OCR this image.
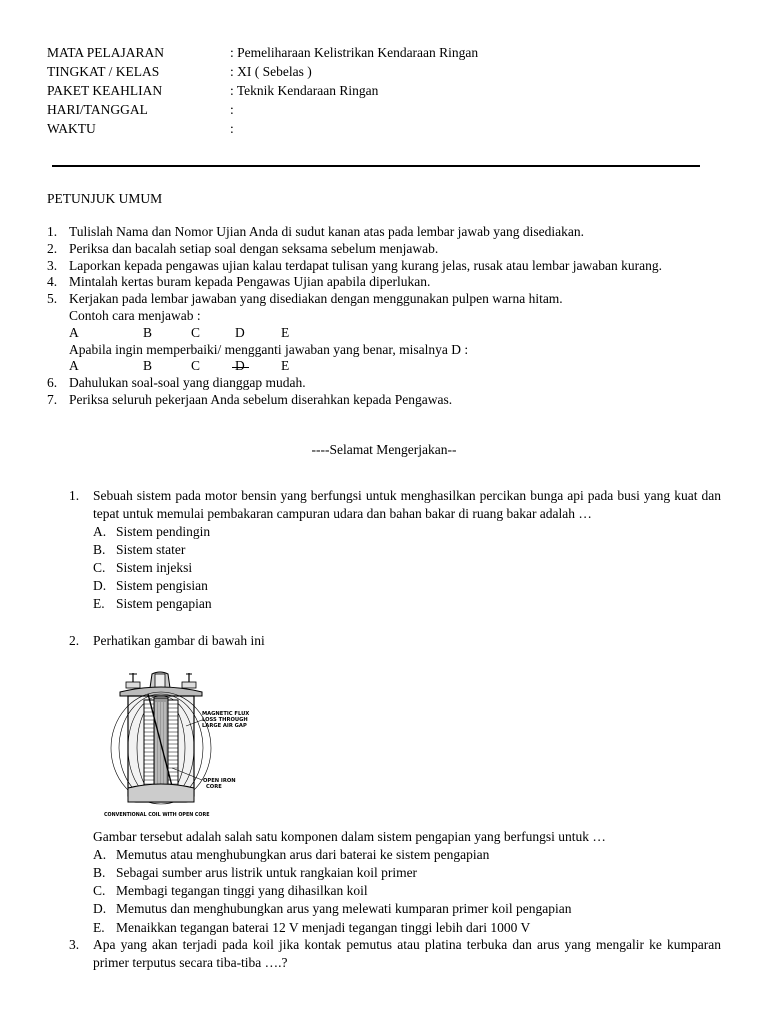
MATA PELAJARAN	: Pemeliharaan Kelistrikan Kendaraan Ringan
TINGKAT / KELAS	: XI ( Sebelas )
PAKET KEAHLIAN	: Teknik Kendaraan Ringan
HARI/TANGGAL	:
WAKTU	:
PETUNJUK UMUM
1. Tulislah Nama dan Nomor Ujian Anda di sudut kanan atas pada lembar jawab yang disediakan.
2. Periksa dan bacalah setiap soal dengan seksama sebelum menjawab.
3. Laporkan kepada pengawas ujian kalau terdapat tulisan yang kurang jelas, rusak atau lembar jawaban kurang.
4. Mintalah kertas buram kepada Pengawas Ujian apabila diperlukan.
5. Kerjakan pada lembar jawaban yang disediakan dengan menggunakan pulpen warna hitam.
Contoh cara menjawab :
A	B	C	D	E
Apabila ingin memperbaiki/ mengganti jawaban yang benar, misalnya D :
A	B	C	D	E
6. Dahulukan soal-soal yang dianggap mudah.
7. Periksa seluruh pekerjaan Anda sebelum diserahkan kepada Pengawas.
----Selamat Mengerjakan--
1. Sebuah sistem pada motor bensin yang berfungsi untuk menghasilkan percikan bunga api pada busi yang kuat dan tepat untuk memulai pembakaran campuran udara dan bahan bakar di ruang bakar adalah …
A. Sistem pendingin
B. Sistem stater
C. Sistem injeksi
D. Sistem pengisian
E. Sistem pengapian
2. Perhatikan gambar di bawah ini
MAGNETIC FLUX
LOSS THROUGH
LARGE AIR GAP
OPEN IRON
CORE
CONVENTIONAL COIL WITH OPEN CORE
Gambar tersebut adalah salah satu komponen dalam sistem pengapian yang berfungsi untuk …
A. Memutus atau menghubungkan arus dari baterai ke sistem pengapian
B. Sebagai sumber arus listrik untuk rangkaian koil primer
C. Membagi tegangan tinggi yang dihasilkan koil
D. Memutus dan menghubungkan arus yang melewati kumparan primer koil pengapian
E. Menaikkan tegangan baterai 12 V menjadi tegangan tinggi lebih dari 1000 V
3. Apa yang akan terjadi pada koil jika kontak pemutus atau platina terbuka dan arus yang mengalir ke kumparan primer terputus secara tiba-tiba ….?
